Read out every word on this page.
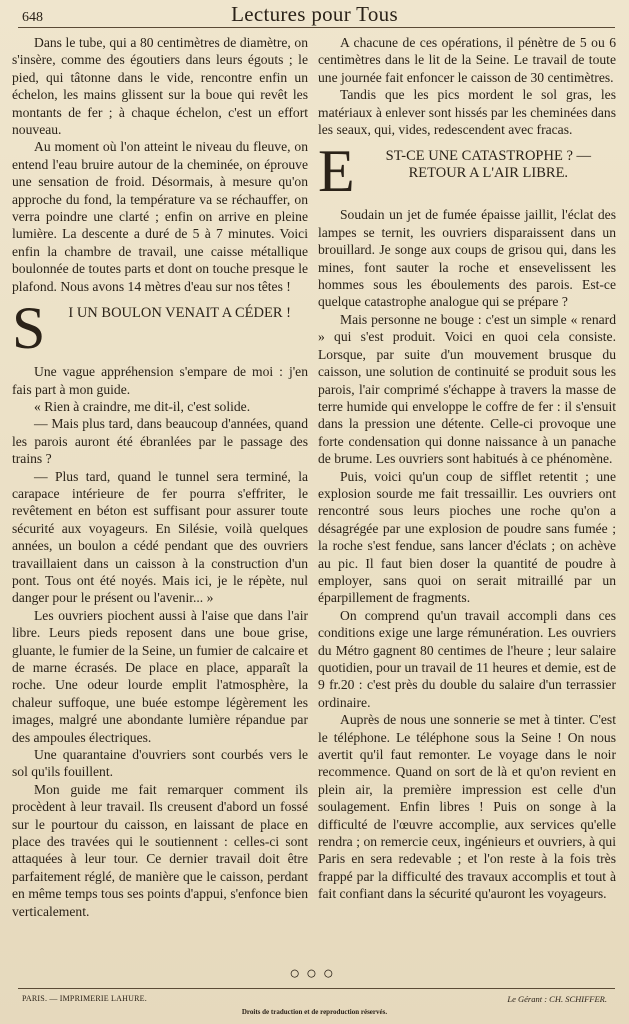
648	Lectures pour Tous

Dans le tube, qui a 80 centimètres de diamètre, on s'insère, comme des égoutiers dans leurs égouts ; le pied, qui tâtonne dans le vide, rencontre enfin un échelon, les mains glissent sur la boue qui revêt les montants de fer ; à chaque échelon, c'est un effort nouveau.

Au moment où l'on atteint le niveau du fleuve, on entend l'eau bruire autour de la cheminée, on éprouve une sensation de froid. Désormais, à mesure qu'on approche du fond, la température va se réchauffer, on verra poindre une clarté ; enfin on arrive en pleine lumière. La descente a duré de 5 à 7 minutes. Voici enfin la chambre de travail, une caisse métallique boulonnée de toutes parts et dont on touche presque le plafond. Nous avons 14 mètres d'eau sur nos têtes !

S	I UN BOULON VENAIT A CÉDER !

Une vague appréhension s'empare de moi : j'en fais part à mon guide.

« Rien à craindre, me dit-il, c'est solide.

— Mais plus tard, dans beaucoup d'années, quand les parois auront été ébranlées par le passage des trains ?

— Plus tard, quand le tunnel sera terminé, la carapace intérieure de fer pourra s'effriter, le revêtement en béton est suffisant pour assurer toute sécurité aux voyageurs. En Silésie, voilà quelques années, un boulon a cédé pendant que des ouvriers travaillaient dans un caisson à la construction d'un pont. Tous ont été noyés. Mais ici, je le répète, nul danger pour le présent ou l'avenir... »

Les ouvriers piochent aussi à l'aise que dans l'air libre. Leurs pieds reposent dans une boue grise, gluante, le fumier de la Seine, un fumier de calcaire et de marne écrasés. De place en place, apparaît la roche. Une odeur lourde emplit l'atmosphère, la chaleur suffoque, une buée estompe légèrement les images, malgré une abondante lumière répandue par des ampoules électriques.

Une quarantaine d'ouvriers sont courbés vers le sol qu'ils fouillent.

Mon guide me fait remarquer comment ils procèdent à leur travail. Ils creusent d'abord un fossé sur le pourtour du caisson, en laissant de place en place des travées qui le soutiennent : celles-ci sont attaquées à leur tour. Ce dernier travail doit être parfaitement réglé, de manière que le caisson, perdant en même temps tous ses points d'appui, s'enfonce bien verticalement.

A chacune de ces opérations, il pénètre de 5 ou 6 centimètres dans le lit de la Seine. Le travail de toute une journée fait enfoncer le caisson de 30 centimètres.

Tandis que les pics mordent le sol gras, les matériaux à enlever sont hissés par les cheminées dans les seaux, qui, vides, redescendent avec fracas.

E	ST-CE UNE CATASTROPHE ? — RETOUR A L'AIR LIBRE.

Soudain un jet de fumée épaisse jaillit, l'éclat des lampes se ternit, les ouvriers disparaissent dans un brouillard. Je songe aux coups de grisou qui, dans les mines, font sauter la roche et ensevelissent les hommes sous les éboulements des parois. Est-ce quelque catastrophe analogue qui se prépare ?

Mais personne ne bouge : c'est un simple « renard » qui s'est produit. Voici en quoi cela consiste. Lorsque, par suite d'un mouvement brusque du caisson, une solution de continuité se produit sous les parois, l'air comprimé s'échappe à travers la masse de terre humide qui enveloppe le coffre de fer : il s'ensuit dans la pression une détente. Celle-ci provoque une forte condensation qui donne naissance à un panache de brume. Les ouvriers sont habitués à ce phénomène.

Puis, voici qu'un coup de sifflet retentit ; une explosion sourde me fait tressaillir. Les ouvriers ont rencontré sous leurs pioches une roche qu'on a désagrégée par une explosion de poudre sans fumée ; la roche s'est fendue, sans lancer d'éclats ; on achève au pic. Il faut bien doser la quantité de poudre à employer, sans quoi on serait mitraillé par un éparpillement de fragments.

On comprend qu'un travail accompli dans ces conditions exige une large rémunération. Les ouvriers du Métro gagnent 80 centimes de l'heure ; leur salaire quotidien, pour un travail de 11 heures et demie, est de 9 fr.20 : c'est près du double du salaire d'un terrassier ordinaire.

Auprès de nous une sonnerie se met à tinter. C'est le téléphone. Le téléphone sous la Seine ! On nous avertit qu'il faut remonter. Le voyage dans le noir recommence. Quand on sort de là et qu'on revient en plein air, la première impression est celle d'un soulagement. Enfin libres ! Puis on songe à la difficulté de l'œuvre accomplie, aux services qu'elle rendra ; on remercie ceux, ingénieurs et ouvriers, à qui Paris en sera redevable ; et l'on reste à la fois très frappé par la difficulté des travaux accomplis et tout à fait confiant dans la sécurité qu'auront les voyageurs.

○○○
PARIS. — IMPRIMERIE LAHURE.	Le Gérant : CH. SCHIFFER.
Droits de traduction et de reproduction réservés.
